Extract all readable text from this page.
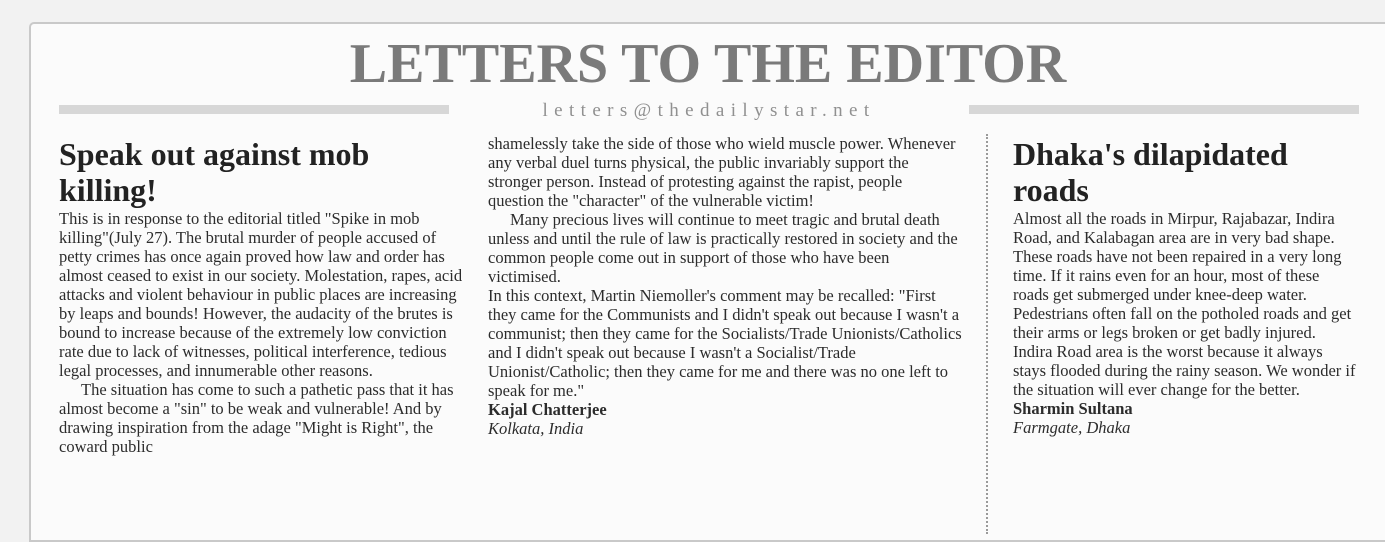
LETTERS TO THE EDITOR
letters@thedailystar.net
Speak out against mob killing!

This is in response to the editorial titled "Spike in mob killing"(July 27). The brutal murder of people accused of petty crimes has once again proved how law and order has almost ceased to exist in our society. Molestation, rapes, acid attacks and violent behaviour in public places are increasing by leaps and bounds! However, the audacity of the brutes is bound to increase because of the extremely low conviction rate due to lack of witnesses, political interference, tedious legal processes, and innumerable other reasons.

The situation has come to such a pathetic pass that it has almost become a "sin" to be weak and vulnerable! And by drawing inspiration from the adage "Might is Right", the coward public

shamelessly take the side of those who wield muscle power. Whenever any verbal duel turns physical, the public invariably support the stronger person. Instead of protesting against the rapist, people question the "character" of the vulnerable victim!

Many precious lives will continue to meet tragic and brutal death unless and until the rule of law is practically restored in society and the common people come out in support of those who have been victimised.

In this context, Martin Niemoller's comment may be recalled: "First they came for the Communists and I didn't speak out because I wasn't a communist; then they came for the Socialists/Trade Unionists/Catholics and I didn't speak out because I wasn't a Socialist/Trade Unionist/Catholic; then they came for me and there was no one left to speak for me."

Kajal Chatterjee

Kolkata, India

Dhaka's dilapidated roads

Almost all the roads in Mirpur, Rajabazar, Indira Road, and Kalabagan area are in very bad shape. These roads have not been repaired in a very long time. If it rains even for an hour, most of these roads get submerged under knee-deep water. Pedestrians often fall on the potholed roads and get their arms or legs broken or get badly injured. Indira Road area is the worst because it always stays flooded during the rainy season. We wonder if the situation will ever change for the better.

Sharmin Sultana

Farmgate, Dhaka
